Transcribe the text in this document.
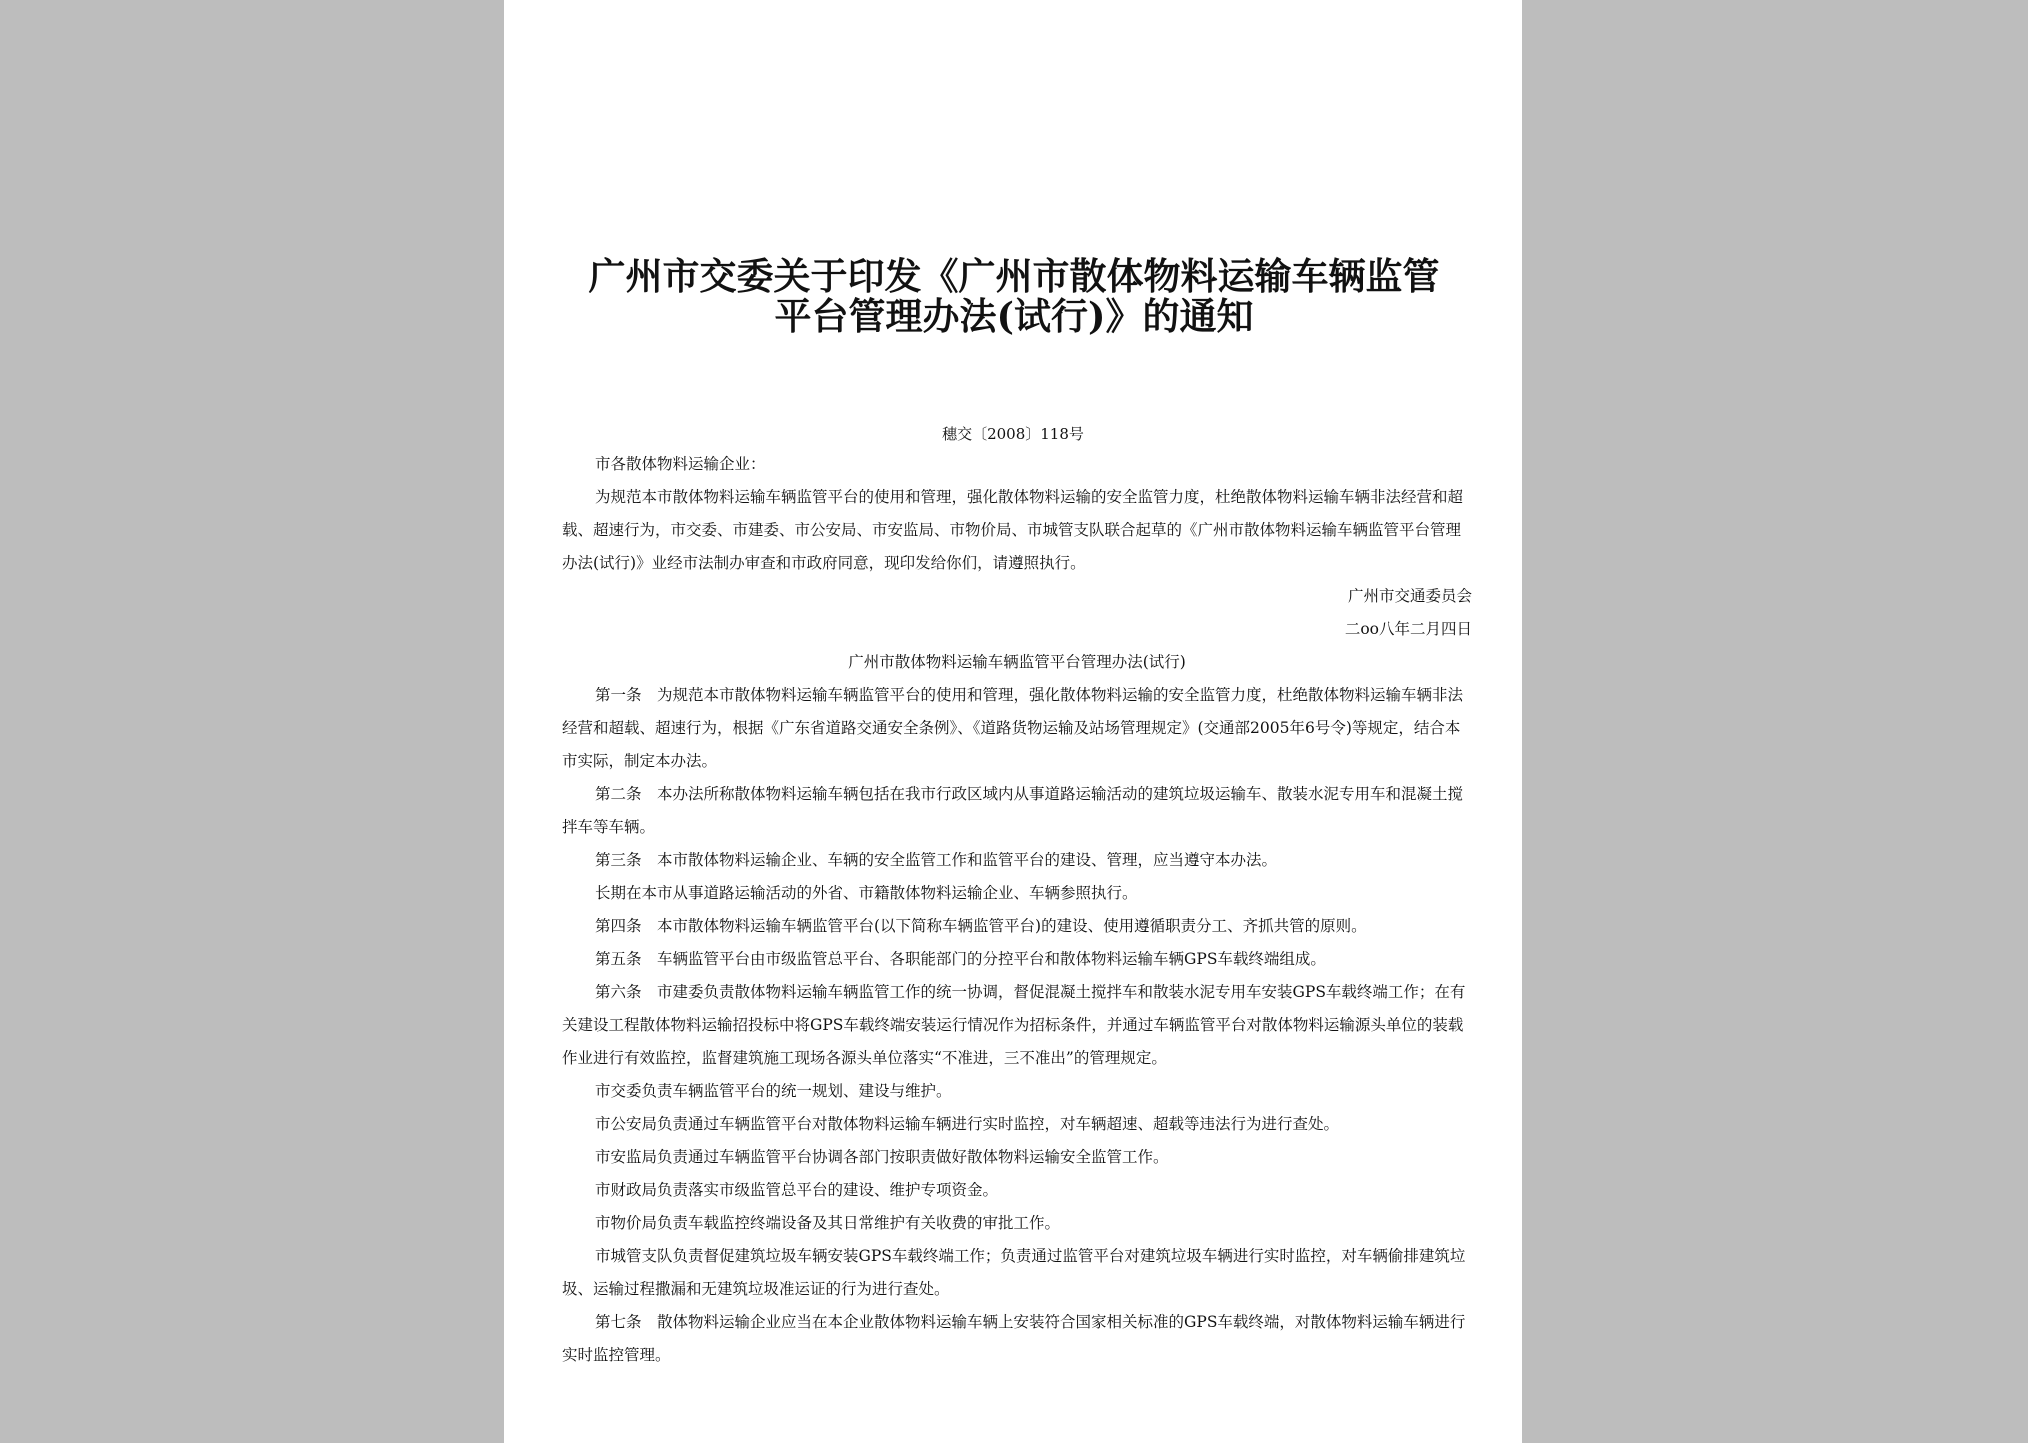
广州市交委关于印发《广州市散体物料运输车辆监管
平台管理办法(试行)》的通知
穗交〔2008〕118号

市各散体物料运输企业：

为规范本市散体物料运输车辆监管平台的使用和管理，强化散体物料运输的安全监管力度，杜绝散体物料运输车辆非法经营和超载、超速行为，市交委、市建委、市公安局、市安监局、市物价局、市城管支队联合起草的《广州市散体物料运输车辆监管平台管理办法(试行)》业经市法制办审查和市政府同意，现印发给你们，请遵照执行。

广州市交通委员会

二oo八年二月四日

广州市散体物料运输车辆监管平台管理办法(试行)

第一条　为规范本市散体物料运输车辆监管平台的使用和管理，强化散体物料运输的安全监管力度，杜绝散体物料运输车辆非法经营和超载、超速行为，根据《广东省道路交通安全条例》、《道路货物运输及站场管理规定》(交通部2005年6号令)等规定，结合本市实际，制定本办法。

第二条　本办法所称散体物料运输车辆包括在我市行政区域内从事道路运输活动的建筑垃圾运输车、散装水泥专用车和混凝土搅拌车等车辆。

第三条　本市散体物料运输企业、车辆的安全监管工作和监管平台的建设、管理，应当遵守本办法。

长期在本市从事道路运输活动的外省、市籍散体物料运输企业、车辆参照执行。

第四条　本市散体物料运输车辆监管平台(以下简称车辆监管平台)的建设、使用遵循职责分工、齐抓共管的原则。

第五条　车辆监管平台由市级监管总平台、各职能部门的分控平台和散体物料运输车辆GPS车载终端组成。

第六条　市建委负责散体物料运输车辆监管工作的统一协调，督促混凝土搅拌车和散装水泥专用车安装GPS车载终端工作；在有关建设工程散体物料运输招投标中将GPS车载终端安装运行情况作为招标条件，并通过车辆监管平台对散体物料运输源头单位的装载作业进行有效监控，监督建筑施工现场各源头单位落实“不准进，三不准出”的管理规定。

市交委负责车辆监管平台的统一规划、建设与维护。

市公安局负责通过车辆监管平台对散体物料运输车辆进行实时监控，对车辆超速、超载等违法行为进行查处。

市安监局负责通过车辆监管平台协调各部门按职责做好散体物料运输安全监管工作。

市财政局负责落实市级监管总平台的建设、维护专项资金。

市物价局负责车载监控终端设备及其日常维护有关收费的审批工作。

市城管支队负责督促建筑垃圾车辆安装GPS车载终端工作；负责通过监管平台对建筑垃圾车辆进行实时监控，对车辆偷排建筑垃圾、运输过程撒漏和无建筑垃圾准运证的行为进行查处。

第七条　散体物料运输企业应当在本企业散体物料运输车辆上安装符合国家相关标准的GPS车载终端，对散体物料运输车辆进行实时监控管理。
